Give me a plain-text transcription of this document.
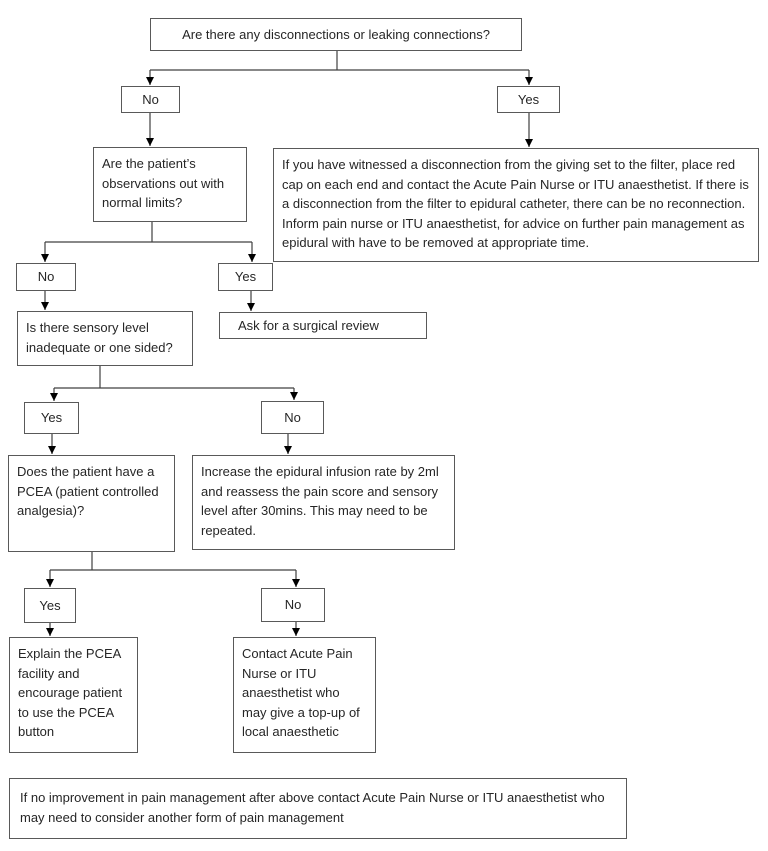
Are there any disconnections or leaking connections?
No	Yes
Are the patient’s observations out with normal limits?
If you have witnessed a disconnection from the giving set to the filter, place red cap on each end and contact the Acute Pain Nurse or ITU anaesthetist. If there is a disconnection from the filter to epidural catheter, there can be no reconnection. Inform pain nurse or ITU anaesthetist, for advice on further pain management as epidural with have to be removed at appropriate time.
No	Yes
Is there sensory level inadequate or one sided?
Ask for a surgical review
Yes	No
Does the patient have a PCEA (patient controlled analgesia)?
Increase the epidural infusion rate by 2ml and reassess the pain score and sensory level after 30mins. This may need to be repeated.
Yes	No
Explain the PCEA facility and encourage patient to use the PCEA button
Contact Acute Pain Nurse or ITU anaesthetist who may give a top-up of local anaesthetic
If no improvement in pain management after above contact Acute Pain Nurse or ITU anaesthetist who may need to consider another form of pain management
